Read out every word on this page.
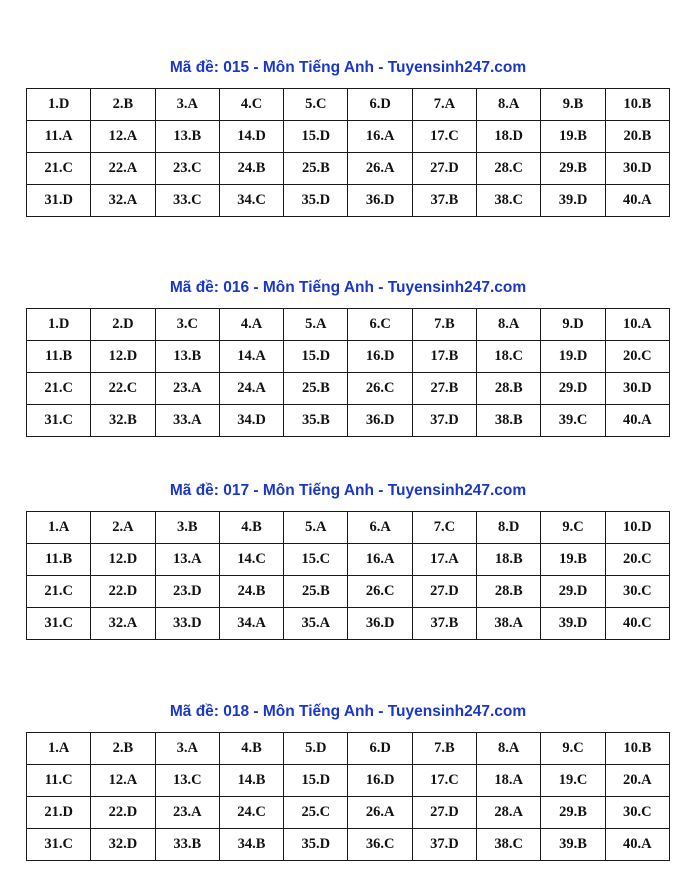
Mã đề: 015 - Môn Tiếng Anh - Tuyensinh247.com
1.D	2.B	3.A	4.C	5.C	6.D	7.A	8.A	9.B	10.B
11.A	12.A	13.B	14.D	15.D	16.A	17.C	18.D	19.B	20.B
21.C	22.A	23.C	24.B	25.B	26.A	27.D	28.C	29.B	30.D
31.D	32.A	33.C	34.C	35.D	36.D	37.B	38.C	39.D	40.A
Mã đề: 016 - Môn Tiếng Anh - Tuyensinh247.com
1.D	2.D	3.C	4.A	5.A	6.C	7.B	8.A	9.D	10.A
11.B	12.D	13.B	14.A	15.D	16.D	17.B	18.C	19.D	20.C
21.C	22.C	23.A	24.A	25.B	26.C	27.B	28.B	29.D	30.D
31.C	32.B	33.A	34.D	35.B	36.D	37.D	38.B	39.C	40.A
Mã đề: 017 - Môn Tiếng Anh - Tuyensinh247.com
1.A	2.A	3.B	4.B	5.A	6.A	7.C	8.D	9.C	10.D
11.B	12.D	13.A	14.C	15.C	16.A	17.A	18.B	19.B	20.C
21.C	22.D	23.D	24.B	25.B	26.C	27.D	28.B	29.D	30.C
31.C	32.A	33.D	34.A	35.A	36.D	37.B	38.A	39.D	40.C
Mã đề: 018 - Môn Tiếng Anh - Tuyensinh247.com
1.A	2.B	3.A	4.B	5.D	6.D	7.B	8.A	9.C	10.B
11.C	12.A	13.C	14.B	15.D	16.D	17.C	18.A	19.C	20.A
21.D	22.D	23.A	24.C	25.C	26.A	27.D	28.A	29.B	30.C
31.C	32.D	33.B	34.B	35.D	36.C	37.D	38.C	39.B	40.A
